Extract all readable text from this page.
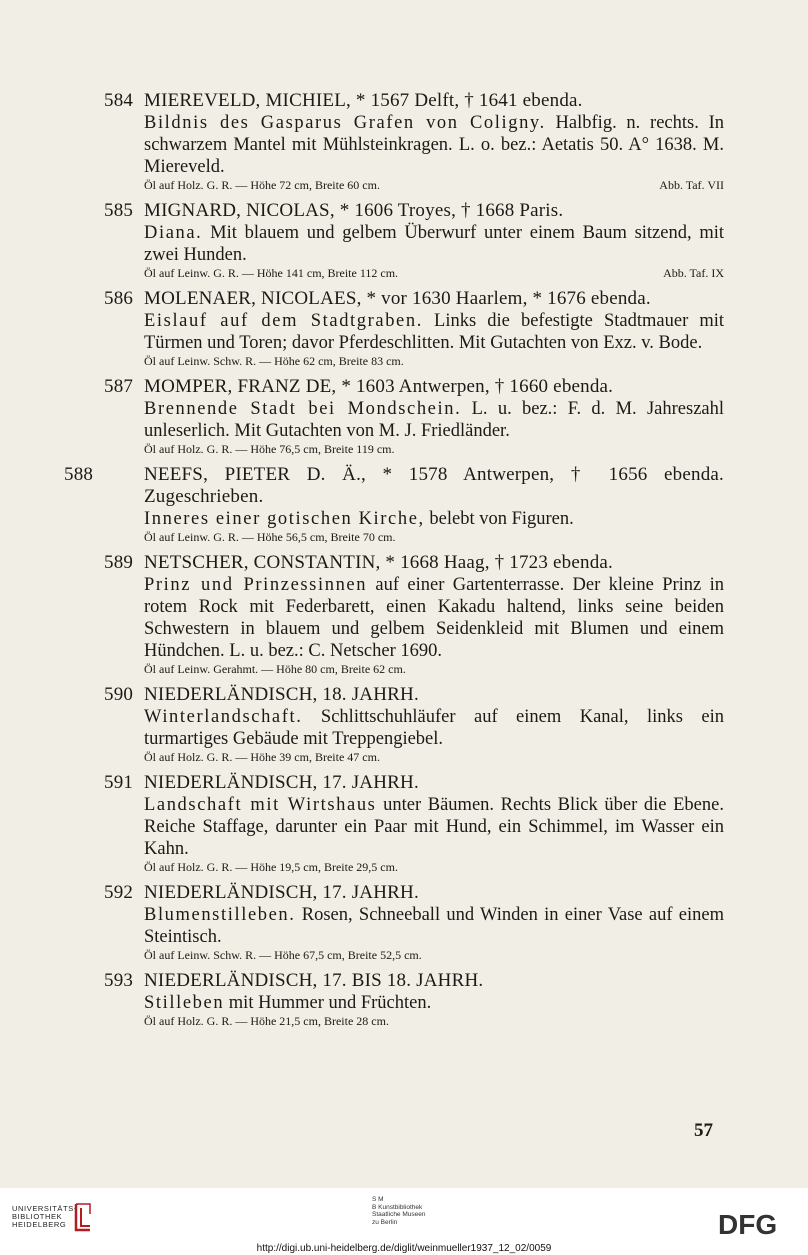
584 MIEREVELD, MICHIEL, * 1567 Delft, † 1641 ebenda.
Bildnis des Gasparus Grafen von Coligny. Halbfig. n. rechts. In schwarzem Mantel mit Mühlsteinkragen. L. o. bez.: Aetatis 50. A° 1638. M. Miereveld.
Öl auf Holz. G. R. — Höhe 72 cm, Breite 60 cm.	Abb. Taf. VII
585 MIGNARD, NICOLAS, * 1606 Troyes, † 1668 Paris.
Diana. Mit blauem und gelbem Überwurf unter einem Baum sitzend, mit zwei Hunden.
Öl auf Leinw. G. R. — Höhe 141 cm, Breite 112 cm.	Abb. Taf. IX
586 MOLENAER, NICOLAES, * vor 1630 Haarlem, * 1676 ebenda.
Eislauf auf dem Stadtgraben. Links die befestigte Stadtmauer mit Türmen und Toren; davor Pferdeschlitten. Mit Gutachten von Exz. v. Bode.
Öl auf Leinw. Schw. R. — Höhe 62 cm, Breite 83 cm.
587 MOMPER, FRANZ DE, * 1603 Antwerpen, † 1660 ebenda.
Brennende Stadt bei Mondschein. L. u. bez.: F. d. M. Jahreszahl unleserlich. Mit Gutachten von M. J. Friedländer.
Öl auf Holz. G. R. — Höhe 76,5 cm, Breite 119 cm.
588	NEEFS, PIETER D. Ä., * 1578 Antwerpen, † 1656 ebenda. Zugeschrieben.
Inneres einer gotischen Kirche, belebt von Figuren.
Öl auf Leinw. G. R. — Höhe 56,5 cm, Breite 70 cm.
589 NETSCHER, CONSTANTIN, * 1668 Haag, † 1723 ebenda.
Prinz und Prinzessinnen auf einer Gartenterrasse. Der kleine Prinz in rotem Rock mit Federbarett, einen Kakadu haltend, links seine beiden Schwestern in blauem und gelbem Seidenkleid mit Blumen und einem Hündchen. L. u. bez.: C. Netscher 1690.
Öl auf Leinw. Gerahmt. — Höhe 80 cm, Breite 62 cm.
590 NIEDERLÄNDISCH, 18. JAHRH.
Winterlandschaft. Schlittschuhläufer auf einem Kanal, links ein turmartiges Gebäude mit Treppengiebel.
Öl auf Holz. G. R. — Höhe 39 cm, Breite 47 cm.
591 NIEDERLÄNDISCH, 17. JAHRH.
Landschaft mit Wirtshaus unter Bäumen. Rechts Blick über die Ebene. Reiche Staffage, darunter ein Paar mit Hund, ein Schimmel, im Wasser ein Kahn.
Öl auf Holz. G. R. — Höhe 19,5 cm, Breite 29,5 cm.
592 NIEDERLÄNDISCH, 17. JAHRH.
Blumenstilleben. Rosen, Schneeball und Winden in einer Vase auf einem Steintisch.
Öl auf Leinw. Schw. R. — Höhe 67,5 cm, Breite 52,5 cm.
593 NIEDERLÄNDISCH, 17. BIS 18. JAHRH.
Stilleben mit Hummer und Früchten.
Öl auf Holz. G. R. — Höhe 21,5 cm, Breite 28 cm.
57
UNIVERSITÄTS-
BIBLIOTHEK
HEIDELBERG
S M
B Kunstbibliothek
Staatliche Museen
zu Berlin	DFG
http://digi.ub.uni-heidelberg.de/diglit/weinmueller1937_12_02/0059
